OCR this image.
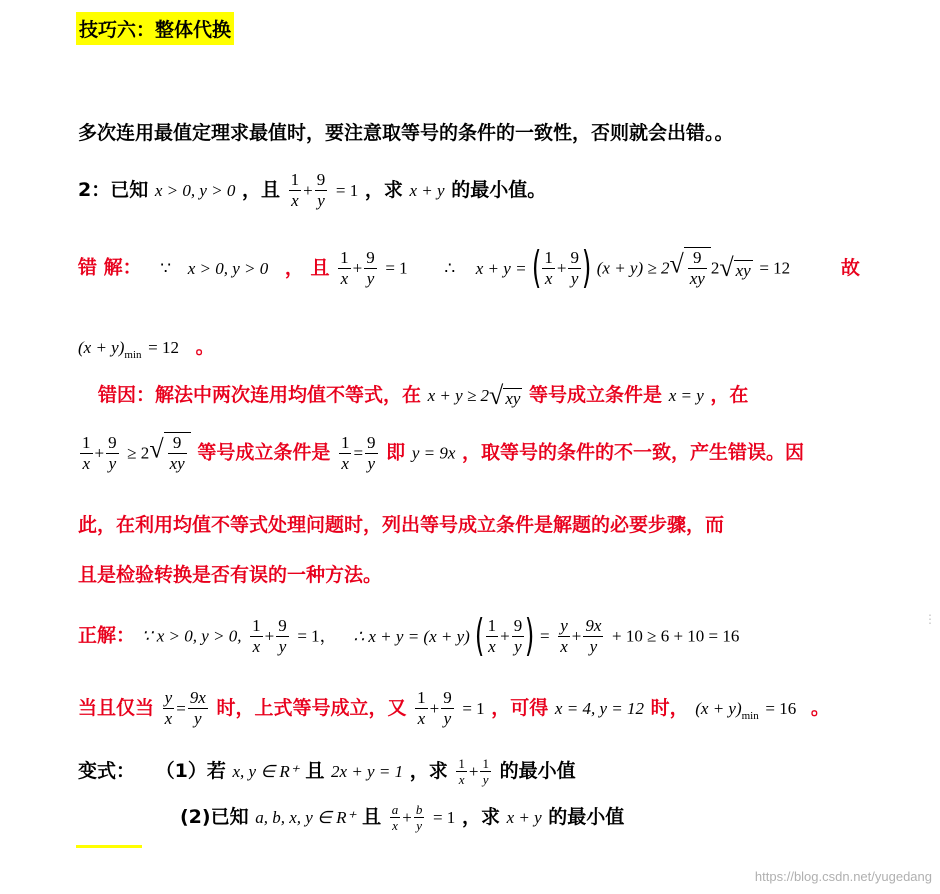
技巧六：整体代换
多次连用最值定理求最值时，要注意取等号的条件的一致性，否则就会出错。。
2：已知 x > 0, y > 0 ，且 $\frac{1}{x} + \frac{9}{y} = 1$ ，求 x + y 的最小值。
错 解： ∵ x > 0, y > 0 ， 且 $\frac{1}{x} + \frac{9}{y} = 1$ ∴ x + y = ( $\frac{1}{x} + \frac{9}{y}$ ) $(x + y) \ge 2√ \frac{9}{xy} 2√$ xy = 12	故
$(x + y)_{min} = 12$ 。
错因：解法中两次连用均值不等式，在 x + y ≥ 2√ xy 等号成立条件是 x = y ，在
$\frac{1}{x} + \frac{9}{y} \ge 2√ \frac{9}{xy}$ 等号成立条件是 $\frac{1}{x} = \frac{9}{y}$ 即 y = 9x ，取等号的条件的不一致，产生错误。因
此，在利用均值不等式处理问题时，列出等号成立条件是解题的必要步骤，而
且是检验转换是否有误的一种方法。
正解： ∵ x > 0, y > 0, $\frac{1}{x} + \frac{9}{y} = 1$， ∴ x + y = (x + y) ( $\frac{1}{x} + \frac{9}{y}$ ) = $\frac{y}{x} + \frac{9x}{y} + 10 \ge 6 + 10 = 16$
当且仅当 $\frac{y}{x} = \frac{9x}{y}$ 时，上式等号成立，又 $\frac{1}{x} + \frac{9}{y} = 1$ ，可得 x = 4, y = 12 时， $(x + y)_{min} = 16$ 。
变式： （1）若 x, y ∈ R⁺ 且 2x + y = 1 ，求 $\frac{1}{x} + \frac{1}{y}$ 的最小值
(2)已知 a, b, x, y ∈ R⁺ 且 $\frac{a}{x} + \frac{b}{y} = 1$ ，求 x + y 的最小值
⋮
https://blog.csdn.net/yugedang
